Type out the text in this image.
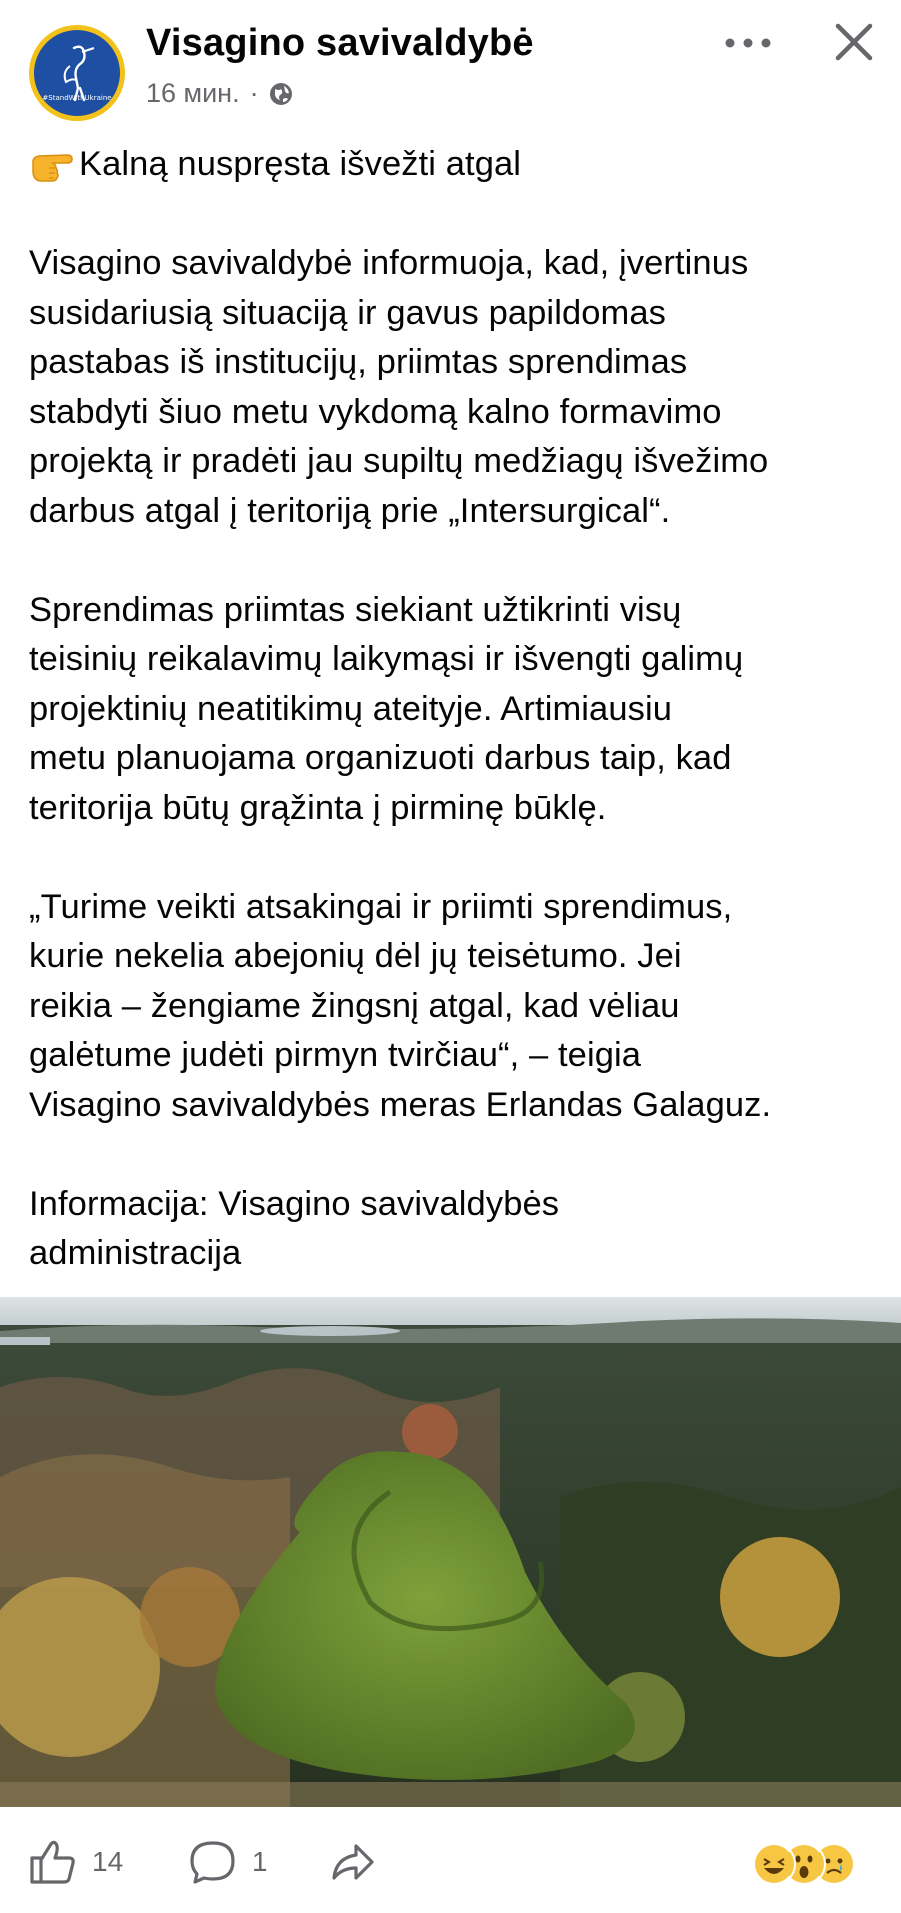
#StandWithUkraine
Visagino savivaldybė
16 мин. ·

Kalną nuspręsta išvežti atgal

Visagino savivaldybė informuoja, kad, įvertinus
susidariusią situaciją ir gavus papildomas
pastabas iš institucijų, priimtas sprendimas
stabdyti šiuo metu vykdomą kalno formavimo
projektą ir pradėti jau supiltų medžiagų išvežimo
darbus atgal į teritoriją prie „Intersurgical“.

Sprendimas priimtas siekiant užtikrinti visų
teisinių reikalavimų laikymąsi ir išvengti galimų
projektinių neatitikimų ateityje. Artimiausiu
metu planuojama organizuoti darbus taip, kad
teritorija būtų grąžinta į pirminę būklę.

„Turime veikti atsakingai ir priimti sprendimus,
kurie nekelia abejonių dėl jų teisėtumo. Jei
reikia – žengiame žingsnį atgal, kad vėliau
galėtume judėti pirmyn tvirčiau“, – teigia
Visagino savivaldybės meras Erlandas Galaguz.

Informacija: Visagino savivaldybės
administracija

14	1
